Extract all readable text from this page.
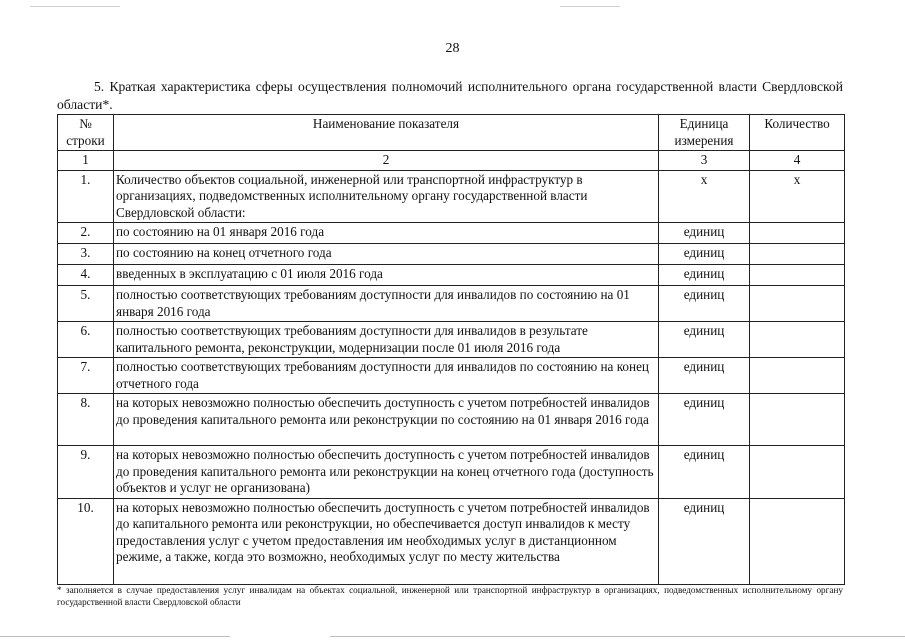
28
5. Краткая характеристика сферы осуществления полномочий исполнительного органа государственной власти Свердловской области*.
№ строки	Наименование показателя	Единица измерения	Количество
1	2	3	4
1.	Количество объектов социальной, инженерной или транспортной инфраструктур в организациях, подведомственных исполнительному органу государственной власти Свердловской области:	х	х
2.	по состоянию на 01 января 2016 года	единиц	
3.	по состоянию на конец отчетного года	единиц	
4.	введенных в эксплуатацию с 01 июля 2016 года	единиц	
5.	полностью соответствующих требованиям доступности для инвалидов по состоянию на 01 января 2016 года	единиц	
6.	полностью соответствующих требованиям доступности для инвалидов в результате капитального ремонта, реконструкции, модернизации после 01 июля 2016 года	единиц	
7.	полностью соответствующих требованиям доступности для инвалидов по состоянию на конец отчетного года	единиц	
8.	на которых невозможно полностью обеспечить доступность с учетом потребностей инвалидов до проведения капитального ремонта или реконструкции по состоянию на 01 января 2016 года	единиц	
9.	на которых невозможно полностью обеспечить доступность с учетом потребностей инвалидов до проведения капитального ремонта или реконструкции на конец отчетного года (доступность объектов и услуг не организована)	единиц	
10.	на которых невозможно полностью обеспечить доступность с учетом потребностей инвалидов до капитального ремонта или реконструкции, но обеспечивается доступ инвалидов к месту предоставления услуг с учетом предоставления им необходимых услуг в дистанционном режиме, а также, когда это возможно, необходимых услуг по месту жительства	единиц	
* заполняется в случае предоставления услуг инвалидам на объектах социальной, инженерной или транспортной инфраструктур в организациях, подведомственных исполнительному органу государственной власти Свердловской области
